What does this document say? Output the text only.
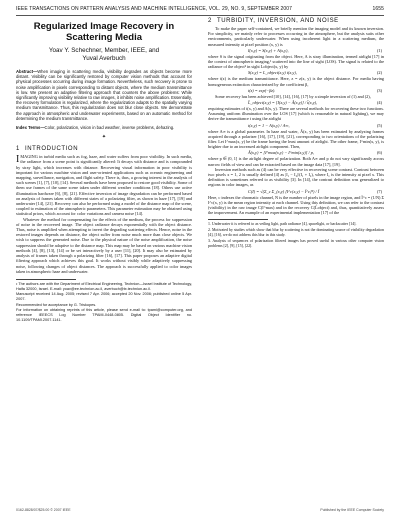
IEEE TRANSACTIONS ON PATTERN ANALYSIS AND MACHINE INTELLIGENCE, VOL. 29, NO. 9, SEPTEMBER 2007	1655
Regularized Image Recovery in Scattering Media
Yoav Y. Schechner, Member, IEEE, and
Yuval Averbuch
Abstract—When imaging in scattering media, visibility degrades as objects become more distant. Visibility can be significantly restored by computer vision methods that account for physical processes occurring during image formation. Nevertheless, such recovery is prone to noise amplification in pixels corresponding to distant objects, where the medium transmittance is low. We present an adaptive filtering approach that counters the above problems: While significantly improving visibility relative to raw images, it inhibits noise amplification. Essentially, the recovery formulation is regularized, where the regularization adapts to the spatially varying medium transmittance. Thus, this regularization does not blur close objects. We demonstrate the approach in atmospheric and underwater experiments, based on an automatic method for determining the medium transmittance.
Index Terms—Color, polarization, vision in bad weather, inverse problems, dehazing.
✦
1 INTRODUCTION

IMAGING in turbid media such as fog, haze, and water suffers from poor visibility. In such media, the radiance from a scene point is significantly altered: It decays with distance and is compounded by stray light, which increases with distance. Recovering visual information in poor visibility is important for various machine vision and user-oriented applications such as oceanic engineering and mapping, surveillance, navigation, and flight safety. There is, thus, a growing interest in the analysis of such scenes [1], [7], [10], [14]. Several methods have been proposed to restore good visibility. Some of them use frames of the same scene taken under different weather conditions [18]. Others use active illumination hardware [6], [8], [21]. Effective inversion of image degradation can be performed based on analysis of frames taken with different states of a polarizing filter, as shown in haze [17], [19] and underwater [14], [21]. Recovery can also be performed using a model of the distance map of the scene, coupled to estimation of the atmospheric parameters. This parameter estimation may be obtained using statistical priors, which account for color variations and camera noise [14].

Whatever the method for compensating for the effects of the medium, the process for suppression of noise in the recovered image. The object radiance decays exponentially with the object distance. Thus, noise is amplified when attempting to invert the degrading scattering effects. Hence, noise in the restored images depends on distance, the object suffer from noise much more than close objects. We wish to suppress the generated noise. Due to the physical nature of the noise amplification, the noise suppression should be adaptive to the distance map. This map may be based on various machine vision methods [4], [8], [13], [14] or be set interactively by a user [11], [20]. It may also be estimated by analysis of frames taken through a polarizing filter [16], [17]. This paper proposes an adaptive digital filtering approach which achieves this goal. It works without visibly while adaptively suppressing noise, following changes of object distances. The approach is successfully applied to color images taken in atmospheric haze and underwater.

• The authors are with the Department of Electrical Engineering, Technion—Israel Institute of Technology, Haifa 32000, Israel. E-mail: yoav@ee.technion.ac.il, averbuch@tx.technion.ac.il.

Manuscript received 14 Aug. 2005; revised 7 Apr. 2006; accepted 20 Nov. 2006; published online 5 Apr. 2007.

Recommended for acceptance by G. Triskopes.

For information on obtaining reprints of this article, please send e-mail to: tpami@computer.org, and reference IEEECS Log Number TPAMI-0448-0805. Digital Object Identifier no. 10.1109/TPAMI.2007.1141.

2 TURBIDITY, INVERSION, AND NOISE

To make the paper self-contained, we briefly mention the imaging model and its known inversion. For simplicity, we mainly refer to processes occurring in the atmosphere, but the analysis suits other environments, particularly underwater. When using incoherent light in a scattering medium, the measured intensity at pixel position (x, y) is

I(x,y) = S(x,y) + A(x,y),	(1)

where S is the signal originating from the object. Here, A is stray illumination, termed airlight [17] in the context of atmospheric imaging,¹ scattered into the line of sight (LOS). The signal is related to the radiance of the object² in sight Lobject(x, y) by

S(x,y) = L_object(x,y) t(x,y),	(2)

where t(z) is the medium transmittance. Here, z = z(x, y) is the object distance. For media having homogeneous extinction characterized by the coefficient β,

t(z) = exp(−βz).	(3)

Some recovery has been achieved [10], [14], [16], [17] by a simple inversion of (1) and (2),

L̂_object(x,y) = [I(x,y) − Â(x,y)] / t̂(x,y),	(4)

requiring estimates of t(x, y) and A(x, y). There are several methods for recovering these two functions. Assuming uniform illumination over the LOS [17] (which is reasonable in natural lighting), we may derive the transmittance t using the airlight

t(x,y) = 1 − A(x,y) / A∞,	(5)

where A∞ is a global parameter. In haze and water, Â(x, y) has been estimated by analyzing frames acquired through a polarizer [16], [17], [19], [21], corresponding to two orientations of the polarizing filter. Let I^max(x, y) be the frame having the least amount of airlight. The other frame, I^min(x, y), is brighter due to an increased airlight component. Then,

Â(x,y) = [I^max(x,y) − I^min(x,y)] / p,	(6)

where p ∈ (0, 1] is the airlight degree of polarization. Both A∞ and p do not vary significantly across narrow fields of view and can be extracted based on the image data [17], [19].

Inversion methods such as (4) can be very effective in recovering scene contrast. Contrast between two pixels x = 1, 2 is usually defined [4] as |I₁ − I₂|/(I₁ + I₂), where I₁ is the intensity at pixel x. This definition is sometimes referred to as visibility [3]. In [14], the contrast definition was generalized to regions in color images, as

C(I) = √(Σ_c Σ_(x,y) [I^c(x,y) − Ī^c]²) / Ī	(7)

Here, c indexes the chromatic channel, N is the number of pixels in the image region, and Ī^c = (1/N) Σ I^c(x, y) is the mean region intensity at each channel. Using this definition, we can refer to the contrast (visibility) in the raw image C(I^max) and in the recovery C(L̂object) and, thus, quantitatively assess the improvement. An example of an experimental implementation [17] of the

1. Underwater it is referred to as veiling light, path radiance [4], spacelight, or backscatter [14].

2. Motivated by studies which show that blur by scattering is not the dominating source of visibility degradation [4], [16], we do not address this blur in this study.

3. Analysis of sequences of polarization filtered images has proved useful in various other computer vision problems [2], [9], [15], [22].

0162-8828/07/$25.00 © 2007 IEEE	Published by the IEEE Computer Society
